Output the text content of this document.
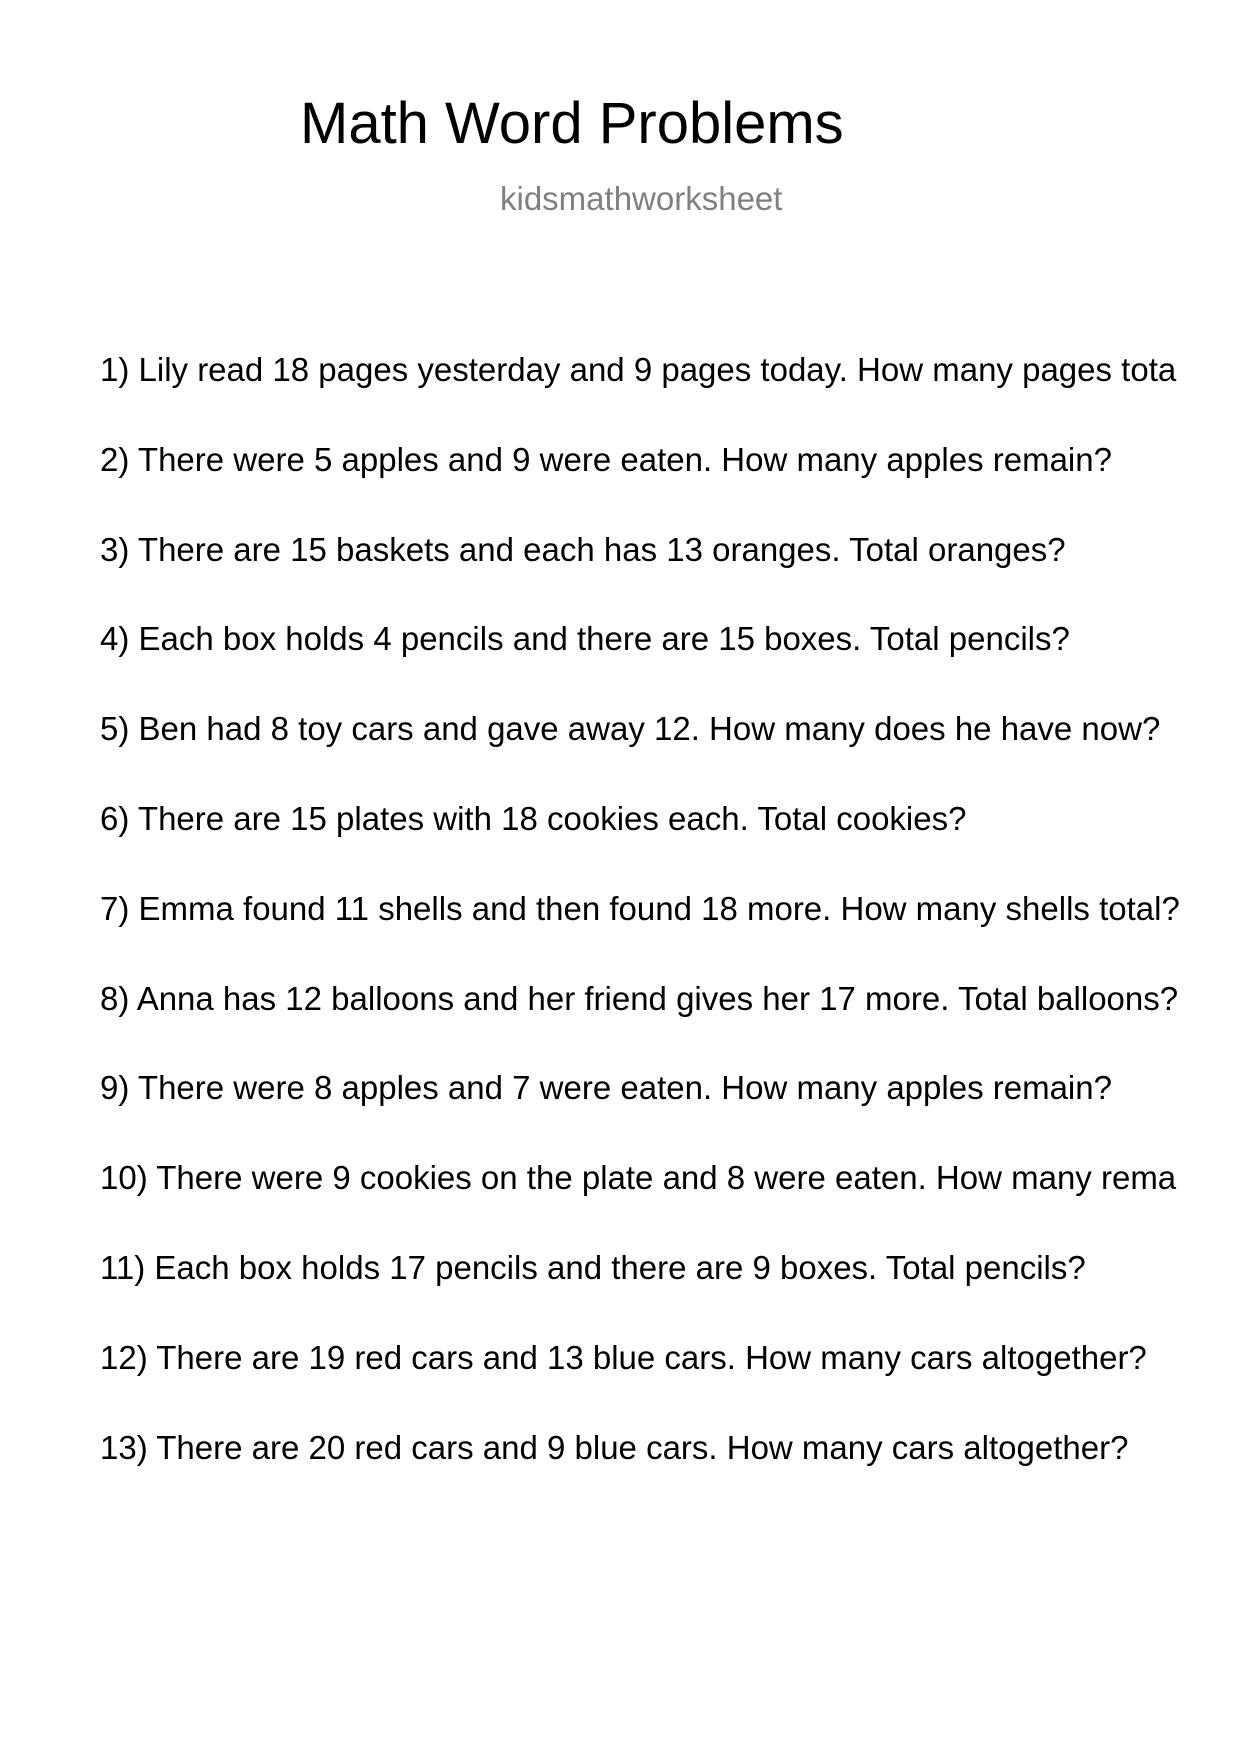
Math Word Problems
kidsmathworksheet
1) Lily read 18 pages yesterday and 9 pages today. How many pages tota
2) There were 5 apples and 9 were eaten. How many apples remain?
3) There are 15 baskets and each has 13 oranges. Total oranges?
4) Each box holds 4 pencils and there are 15 boxes. Total pencils?
5) Ben had 8 toy cars and gave away 12. How many does he have now?
6) There are 15 plates with 18 cookies each. Total cookies?
7) Emma found 11 shells and then found 18 more. How many shells total?
8) Anna has 12 balloons and her friend gives her 17 more. Total balloons?
9) There were 8 apples and 7 were eaten. How many apples remain?
10) There were 9 cookies on the plate and 8 were eaten. How many rema
11) Each box holds 17 pencils and there are 9 boxes. Total pencils?
12) There are 19 red cars and 13 blue cars. How many cars altogether?
13) There are 20 red cars and 9 blue cars. How many cars altogether?
